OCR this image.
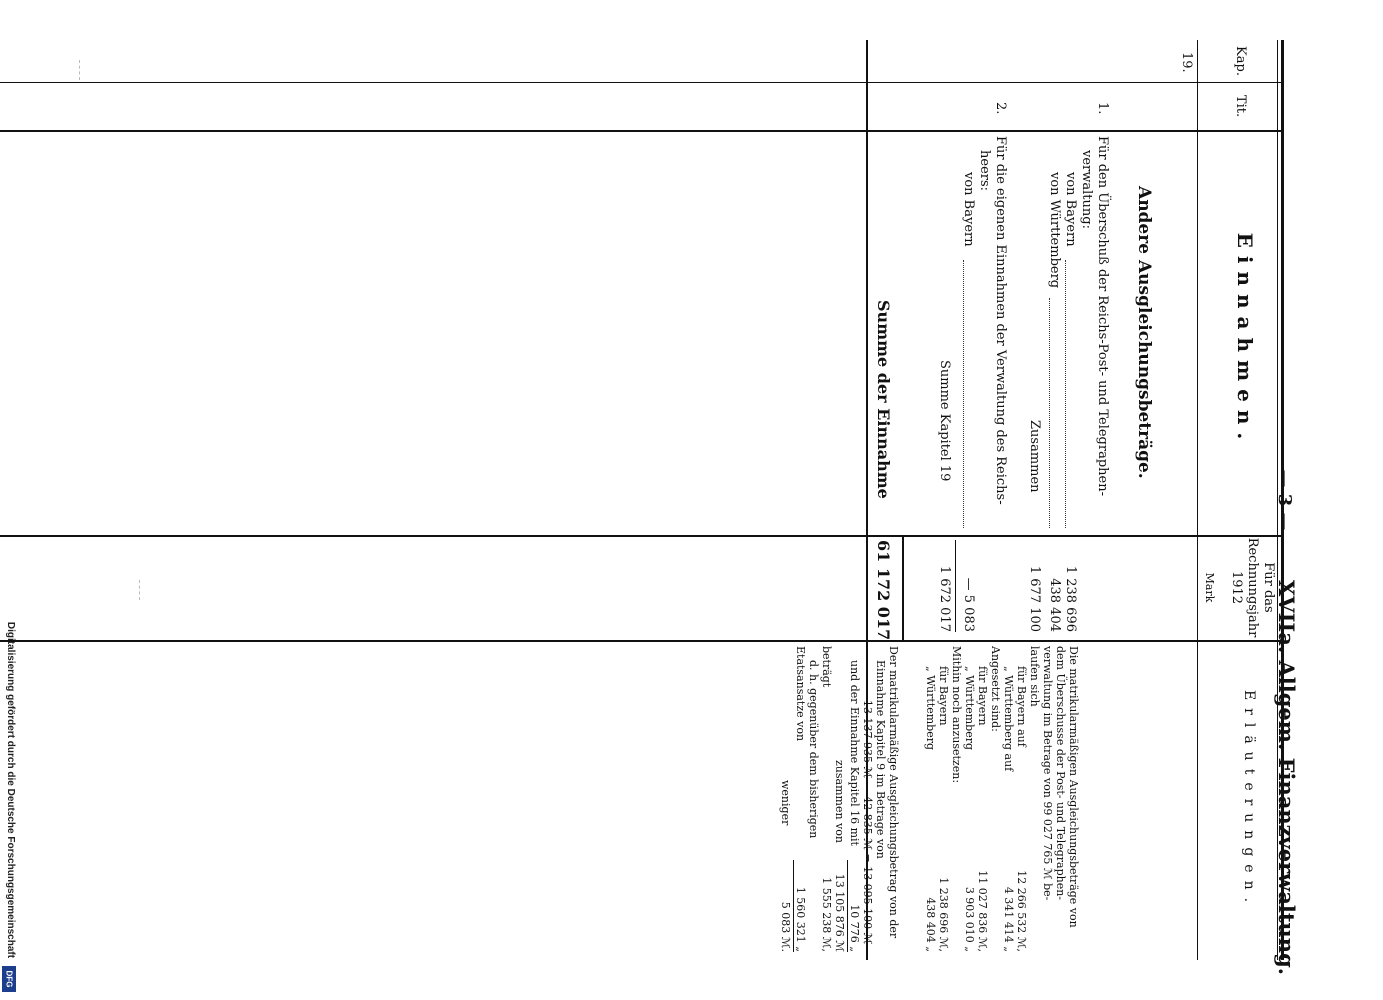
Digitalisierung gefördert durch die Deutsche Forschungsgemeinschaft
DFG
— 3 —
XVIIa. Allgem. Finanzverwaltung.
Kap.
Tit.
Einnahmen.
Für das
Rechnungsjahr
1912
Mark
Erläuterungen.
19.
Andere Ausgleichungsbeträge.
1.
Für den Überschuß der Reichs-Post- und Telegraphen-
verwaltung:
von Bayern
1 238 696
von Württemberg
438 404
Zusammen
1 677 100
2.
Für die eigenen Einnahmen der Verwaltung des Reichs-
heers:
von Bayern
— 5 083
Summe Kapitel 19
1 672 017
Summe der Einnahme
61 172 017
Die matrikularmäßigen Ausgleichungsbeträge von
dem Überschusse der Post- und Telegraphen-
verwaltung im Betrage von 99 027 765 ℳ be-
laufen sich
für Bayern auf
12 266 532 ℳ,
„ Württemberg auf
4 341 414 „
Angesetzt sind:
für Bayern
11 027 836 ℳ,
„ Württemberg
3 903 010 „
Mithin noch anzusetzen:
für Bayern
1 238 696 ℳ,
„ Württemberg
438 404 „
Der matrikularmäßige Ausgleichungsbetrag von der
Einnahme Kapitel 9 im Betrage von
13 137 935 ℳ — 42 835 ℳ = 13 095 100 ℳ
und der Einnahme Kapitel 16 mit
10 776 „
zusammen von
13 105 876 ℳ
beträgt
1 555 238 ℳ,
d. h. gegenüber dem bisherigen
Etatsansatze von
1 560 321 „
weniger
5 083 ℳ.
